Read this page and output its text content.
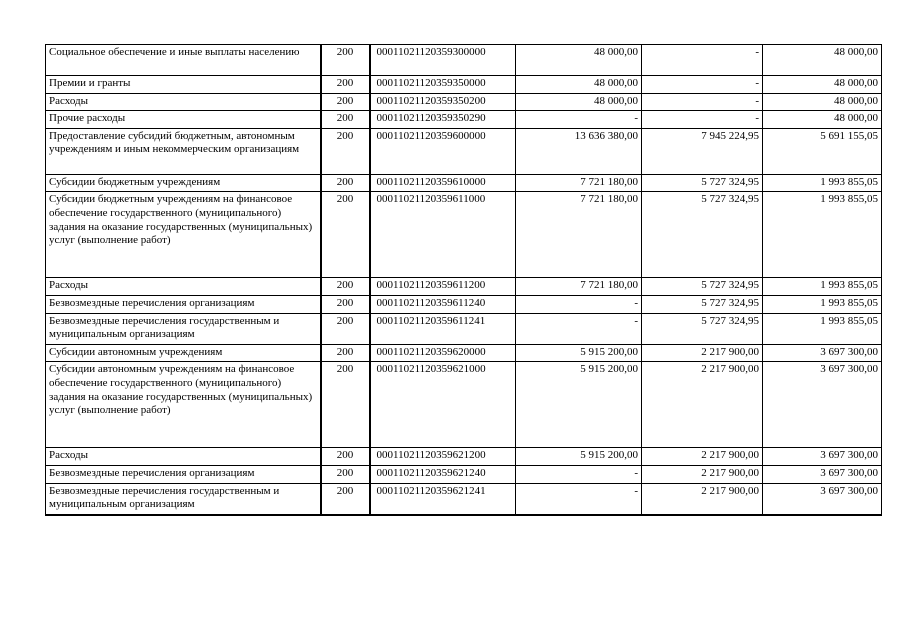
Социальное обеспечение и иные выплаты населению	200	00011021120359300000	48 000,00	-	48 000,00
Премии и гранты	200	00011021120359350000	48 000,00	-	48 000,00
Расходы	200	00011021120359350200	48 000,00	-	48 000,00
Прочие расходы	200	00011021120359350290	-	-	48 000,00
Предоставление субсидий бюджетным, автономным учреждениям и иным некоммерческим организациям	200	00011021120359600000	13 636 380,00	7 945 224,95	5 691 155,05
Субсидии бюджетным учреждениям	200	00011021120359610000	7 721 180,00	5 727 324,95	1 993 855,05
Субсидии бюджетным учреждениям на финансовое обеспечение государственного (муниципального) задания на оказание государственных (муниципальных) услуг (выполнение работ)	200	00011021120359611000	7 721 180,00	5 727 324,95	1 993 855,05
Расходы	200	00011021120359611200	7 721 180,00	5 727 324,95	1 993 855,05
Безвозмездные перечисления организациям	200	00011021120359611240	-	5 727 324,95	1 993 855,05
Безвозмездные перечисления государственным и муниципальным организациям	200	00011021120359611241	-	5 727 324,95	1 993 855,05
Субсидии автономным учреждениям	200	00011021120359620000	5 915 200,00	2 217 900,00	3 697 300,00
Субсидии автономным учреждениям на финансовое обеспечение государственного (муниципального) задания на оказание государственных (муниципальных) услуг (выполнение работ)	200	00011021120359621000	5 915 200,00	2 217 900,00	3 697 300,00
Расходы	200	00011021120359621200	5 915 200,00	2 217 900,00	3 697 300,00
Безвозмездные перечисления организациям	200	00011021120359621240	-	2 217 900,00	3 697 300,00
Безвозмездные перечисления государственным и муниципальным организациям	200	00011021120359621241	-	2 217 900,00	3 697 300,00
